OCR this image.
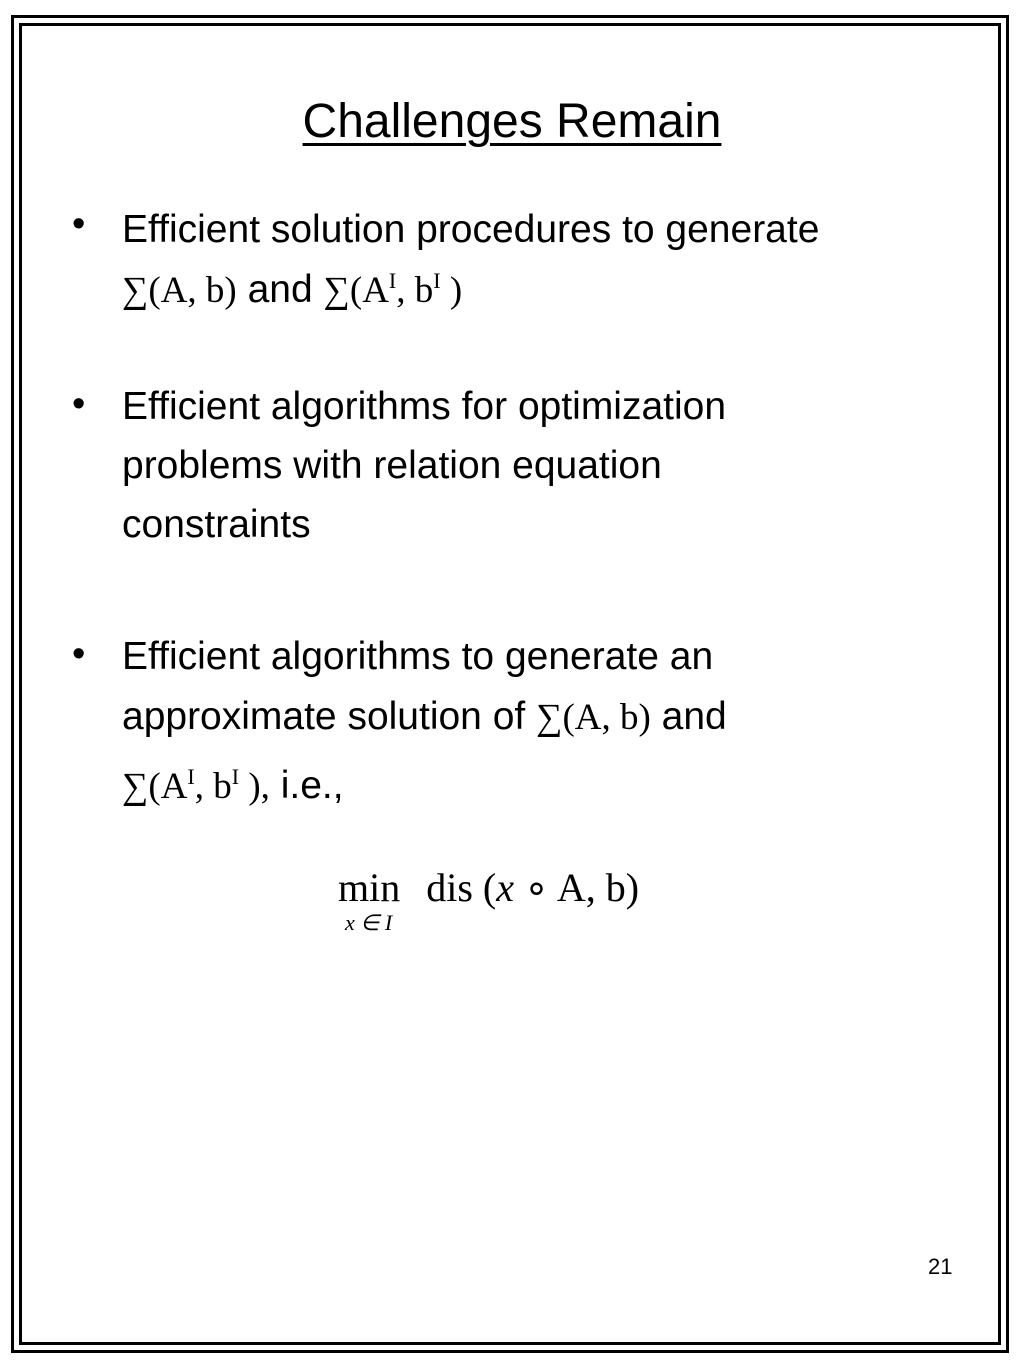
Challenges Remain
• Efficient solution procedures to generate
∑(A, b) and $\sum(A^I$, $b^I$ )
• Efficient algorithms for optimization
problems with relation equation
constraints
• Efficient algorithms to generate an
approximate solution of ∑(A, b) and
$\sum(A^I$, $b^I$ ), i.e.,
min dis (x ∘ A, b)
x ∈ I
21
